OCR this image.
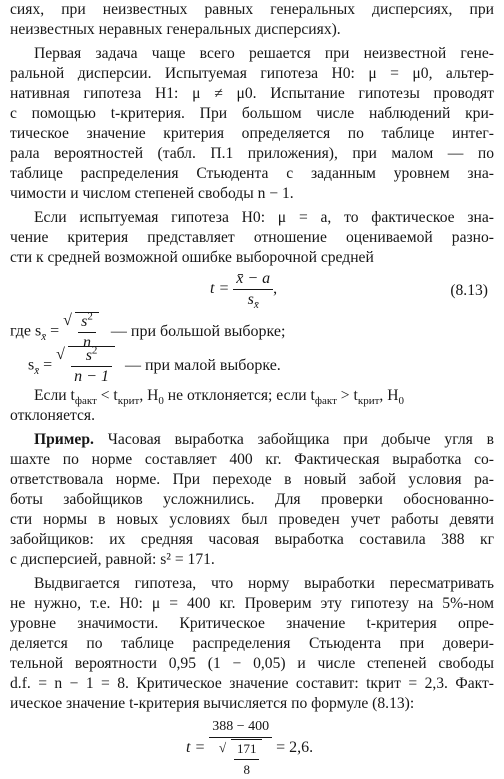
сиях, при неизвестных равных генеральных дисперсиях, при
неизвестных неравных генеральных дисперсиях).
Первая задача чаще всего решается при неизвестной гене-
ральной дисперсии. Испытуемая гипотеза H0: μ = μ0, альтер-
нативная гипотеза H1: μ ≠ μ0. Испытание гипотезы проводят
с помощью t-критерия. При большом числе наблюдений кри-
тическое значение критерия определяется по таблице интег-
рала вероятностей (табл. П.1 приложения), при малом — по
таблице распределения Стьюдента с заданным уровнем зна-
чимости и числом степеней свободы n − 1.
Если испытуемая гипотеза H0: μ = a, то фактическое зна-
чение критерия представляет отношение оцениваемой разно-
сти к средней возможной ошибке выборочной средней
$t = \frac{x̄ - a}{s_{x̄}}$ ,	(8.13)
где $s_{x̄}$ =
√ $\frac{s^2}{n}$ — при большой выборке;
$s_{x̄}$ =
√ $\frac{s^2}{n - 1}$ — при малой выборке.
Если $t_{факт} < t_{крит}$, $H_0$ не отклоняется; если $t_{факт} > t_{крит}$, $H_0$
отклоняется.
Пример. Часовая выработка забойщика при добыче угля в
шахте по норме составляет 400 кг. Фактическая выработка со-
ответствовала норме. При переходе в новый забой условия ра-
боты забойщиков усложнились. Для проверки обоснованно-
сти нормы в новых условиях был проведен учет работы девяти
забойщиков: их средняя часовая выработка составила 388 кг
с дисперсией, равной: s² = 171.
Выдвигается гипотеза, что норму выработки пересматривать
не нужно, т.е. H0: μ = 400 кг. Проверим эту гипотезу на 5%-ном
уровне значимости. Критическое значение t-критерия опре-
деляется по таблице распределения Стьюдента при довери-
тельной вероятности 0,95 (1 − 0,05) и числе степеней свободы
d.f. = n − 1 = 8. Критическое значение составит: tкрит = 2,3. Факт-
ическое значение t-критерия вычисляется по формуле (8.13):
$t = \frac{388 - 400}{√ \frac{171}{8}} = 2,6$.
